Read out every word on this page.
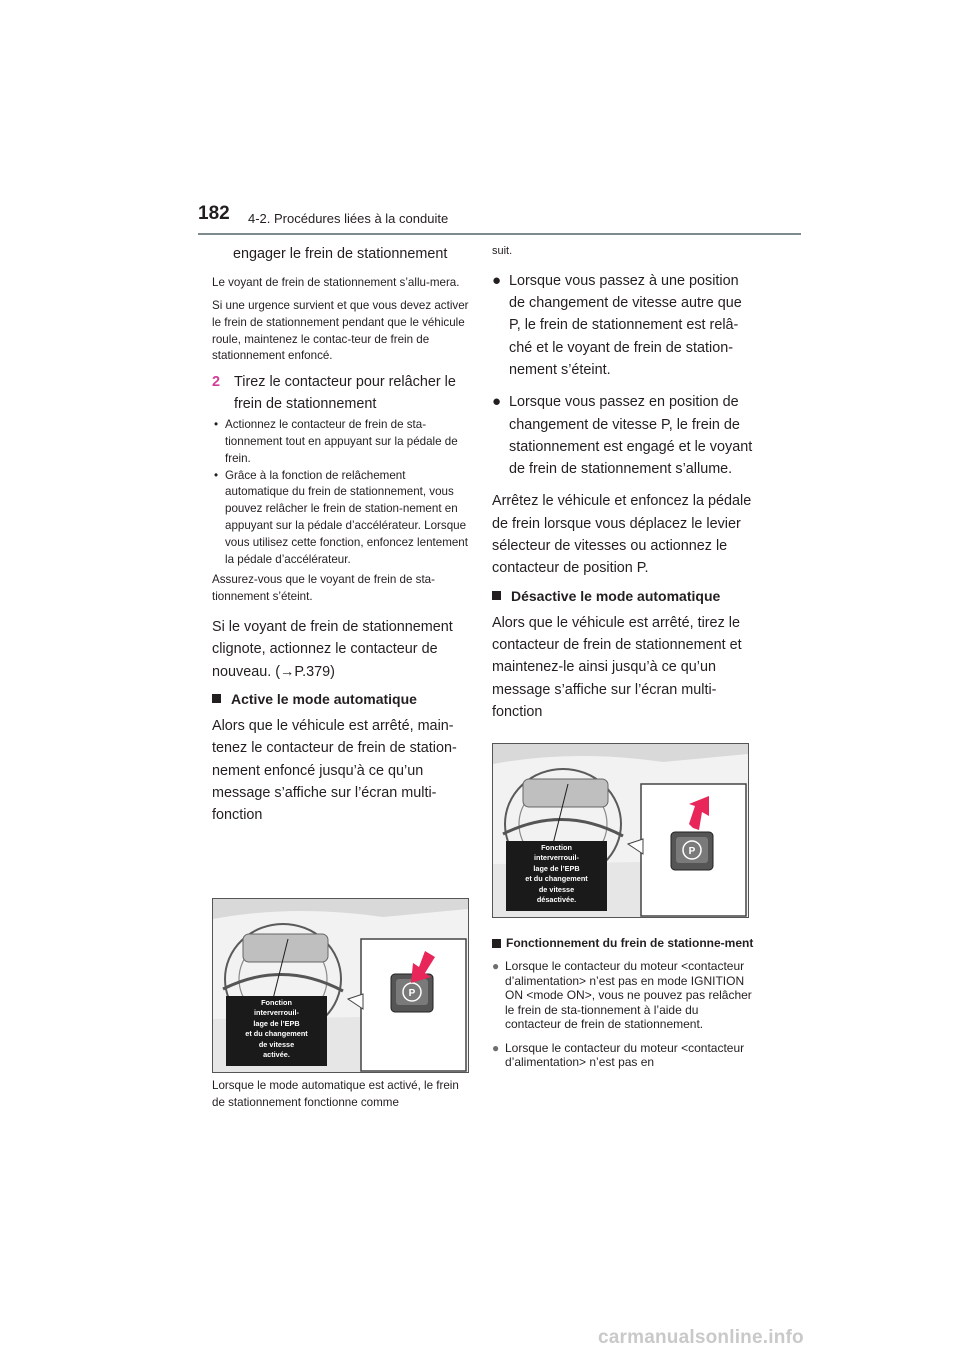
182 4-2. Procédures liées à la conduite

engager le frein de stationnement

Le voyant de frein de stationnement s’allu-mera.

Si une urgence survient et que vous devez activer le frein de stationnement pendant que le véhicule roule, maintenez le contac-teur de frein de stationnement enfoncé.

2 Tirez le contacteur pour relâcher le frein de stationnement
• Actionnez le contacteur de frein de sta-tionnement tout en appuyant sur la pédale de frein.
• Grâce à la fonction de relâchement automatique du frein de stationnement, vous pouvez relâcher le frein de station-nement en appuyant sur la pédale d’accélérateur. Lorsque vous utilisez cette fonction, enfoncez lentement la pédale d’accélérateur.

Assurez-vous que le voyant de frein de sta-tionnement s’éteint.

Si le voyant de frein de stationnement clignote, actionnez le contacteur de nouveau. (→P.379)

Active le mode automatique

Alors que le véhicule est arrêté, main-tenez le contacteur de frein de station-nement enfoncé jusqu’à ce qu’un message s’affiche sur l’écran multi-fonction

P
Fonction
interverrouil-
lage de l’EPB
et du changement
de vitesse
activée.

Lorsque le mode automatique est activé, le frein de stationnement fonctionne comme

suit.

● Lorsque vous passez à une position de changement de vitesse autre que P, le frein de stationnement est relâ-ché et le voyant de frein de station-nement s’éteint.
● Lorsque vous passez en position de changement de vitesse P, le frein de stationnement est engagé et le voyant de frein de stationnement s’allume.

Arrêtez le véhicule et enfoncez la pédale de frein lorsque vous déplacez le levier sélecteur de vitesses ou actionnez le contacteur de position P.

Désactive le mode automatique

Alors que le véhicule est arrêté, tirez le contacteur de frein de stationnement et maintenez-le ainsi jusqu’à ce qu’un message s’affiche sur l’écran multi-fonction

P
Fonction
interverrouil-
lage de l’EPB
et du changement
de vitesse
désactivée.
Fonctionnement du frein de stationne-ment
● Lorsque le contacteur du moteur <contacteur d’alimentation> n’est pas en mode IGNITION ON <mode ON>, vous ne pouvez pas relâcher le frein de sta-tionnement à l’aide du contacteur de frein de stationnement.
● Lorsque le contacteur du moteur <contacteur d’alimentation> n’est pas en
carmanualsonline.info
